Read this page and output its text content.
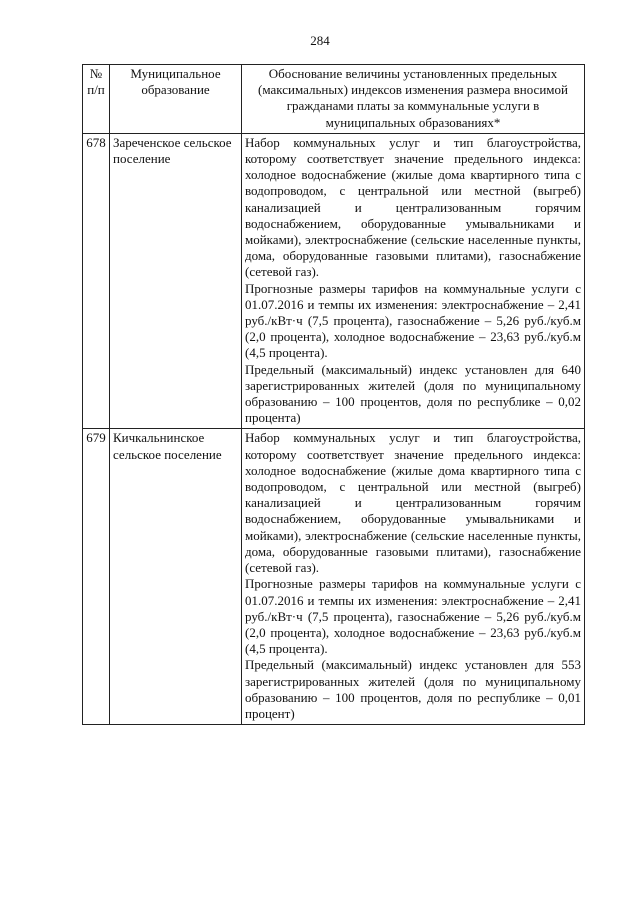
284
№ п/п	Муниципальное образование	Обоснование величины установленных предельных (максимальных) индексов изменения размера вносимой гражданами платы за коммунальные услуги в муниципальных образованиях*
678	Зареченское сельское поселение	Набор коммунальных услуг и тип благоустройства, которому соответствует значение предельного индекса: холодное водоснабжение (жилые дома квартирного типа с водопроводом, с центральной или местной (выгреб) канализацией и централизованным горячим водоснабжением, оборудованные умывальниками и мойками), электроснабжение (сельские населенные пункты, дома, оборудованные газовыми плитами), газоснабжение (сетевой газ).

Прогнозные размеры тарифов на коммунальные услуги с 01.07.2016 и темпы их изменения: электроснабжение – 2,41 руб./кВт·ч (7,5 процента), газоснабжение – 5,26 руб./куб.м (2,0 процента), холодное водоснабжение – 23,63 руб./куб.м (4,5 процента).

Предельный (максимальный) индекс установлен для 640 зарегистрированных жителей (доля по муниципальному образованию – 100 процентов, доля по республике – 0,02 процента)

679	Кичкальнинское сельское поселение	Набор коммунальных услуг и тип благоустройства, которому соответствует значение предельного индекса: холодное водоснабжение (жилые дома квартирного типа с водопроводом, с центральной или местной (выгреб) канализацией и централизованным горячим водоснабжением, оборудованные умывальниками и мойками), электроснабжение (сельские населенные пункты, дома, оборудованные газовыми плитами), газоснабжение (сетевой газ).

Прогнозные размеры тарифов на коммунальные услуги с 01.07.2016 и темпы их изменения: электроснабжение – 2,41 руб./кВт·ч (7,5 процента), газоснабжение – 5,26 руб./куб.м (2,0 процента), холодное водоснабжение – 23,63 руб./куб.м (4,5 процента).

Предельный (максимальный) индекс установлен для 553 зарегистрированных жителей (доля по муниципальному образованию – 100 процентов, доля по республике – 0,01 процент)
